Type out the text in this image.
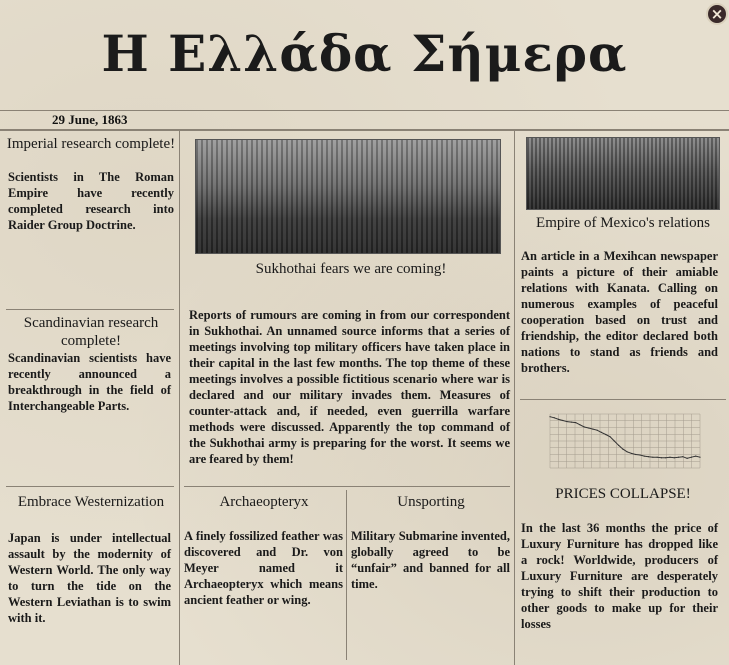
×
Η Ελλάδα Σήμερα
29 June, 1863
Imperial research complete!
Scientists in The Roman Empire have recently completed research into Raider Group Doctrine.
Scandinavian research complete!
Scandinavian scientists have recently announced a breakthrough in the field of Interchangeable Parts.
Embrace Westernization
Japan is under intellectual assault by the modernity of Western World. The only way to turn the tide on the Western Leviathan is to swim with it.
Sukhothai fears we are coming!
Reports of rumours are coming in from our correspondent in Sukhothai. An unnamed source informs that a series of meetings involving top military officers have taken place in their capital in the last few months. The top theme of these meetings involves a possible fictitious scenario where war is declared and our military invades them. Measures of counter-attack and, if needed, even guerrilla warfare methods were discussed. Apparently the top command of the Sukhothai army is preparing for the worst. It seems we are feared by them!
Archaeopteryx
A finely fossilized feather was discovered and Dr. von Meyer named it Archaeopteryx which means ancient feather or wing.
Unsporting
Military Submarine invented, globally agreed to be “unfair” and banned for all time.
Empire of Mexico's relations
An article in a Mexihcan newspaper paints a picture of their amiable relations with Kanata. Calling on numerous examples of peaceful cooperation based on trust and friendship, the editor declared both nations to stand as friends and brothers.
PRICES COLLAPSE!
In the last 36 months the price of Luxury Furniture has dropped like a rock! Worldwide, producers of Luxury Furniture are desperately trying to shift their production to other goods to make up for their losses
